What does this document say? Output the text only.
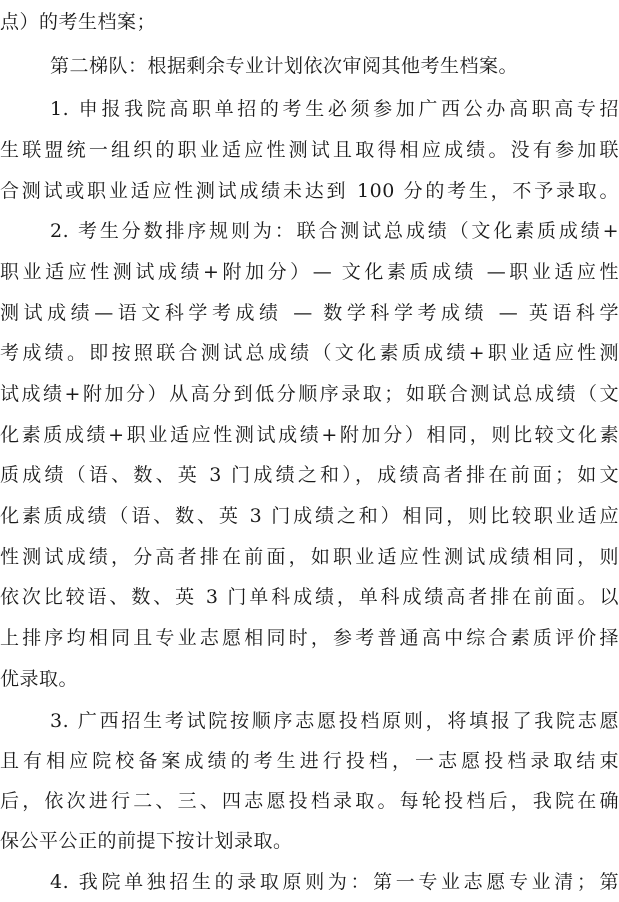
点）的考生档案；
第二梯队：根据剩余专业计划依次审阅其他考生档案。
1. 申报我院高职单招的考生必须参加广西公办高职高专招
生联盟统一组织的职业适应性测试且取得相应成绩。没有参加联
合测试或职业适应性测试成绩未达到 100 分的考生，不予录取。
2. 考生分数排序规则为：联合测试总成绩（文化素质成绩+
职业适应性测试成绩+附加分）— 文化素质成绩 —职业适应性
测试成绩—语文科学考成绩 — 数学科学考成绩 — 英语科学
考成绩。即按照联合测试总成绩（文化素质成绩+职业适应性测
试成绩+附加分）从高分到低分顺序录取；如联合测试总成绩（文
化素质成绩+职业适应性测试成绩+附加分）相同，则比较文化素
质成绩（语、数、英 3 门成绩之和），成绩高者排在前面；如文
化素质成绩（语、数、英 3 门成绩之和）相同，则比较职业适应
性测试成绩，分高者排在前面，如职业适应性测试成绩相同，则
依次比较语、数、英 3 门单科成绩，单科成绩高者排在前面。以
上排序均相同且专业志愿相同时，参考普通高中综合素质评价择
优录取。
3. 广西招生考试院按顺序志愿投档原则，将填报了我院志愿
且有相应院校备案成绩的考生进行投档，一志愿投档录取结束
后，依次进行二、三、四志愿投档录取。每轮投档后，我院在确
保公平公正的前提下按计划录取。
4. 我院单独招生的录取原则为：第一专业志愿专业清；第
